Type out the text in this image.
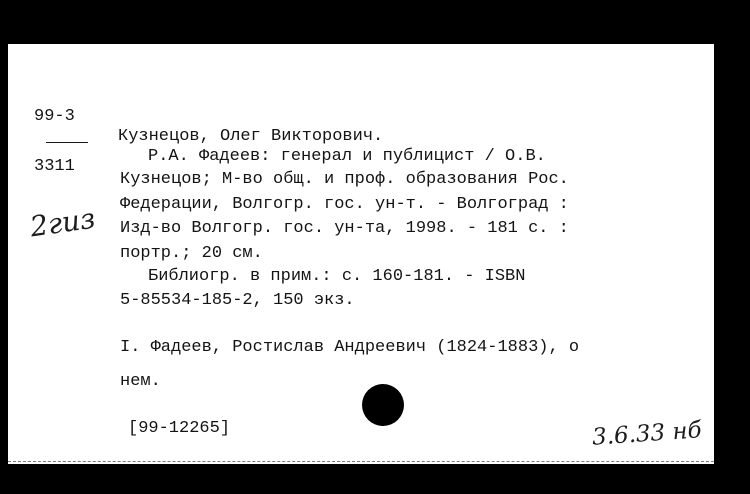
99-3
3311
2гиз
Кузнецов, Олег Викторович.
Р.А. Фадеев: генерал и публицист / О.В.
Кузнецов; М-во общ. и проф. образования Рос.
Федерации, Волгогр. гос. ун-т. - Волгоград :
Изд-во Волгогр. гос. ун-та, 1998. - 181 с. :
портр.; 20 см.
Библиогр. в прим.: с. 160-181. - ISBN
5-85534-185-2, 150 экз.
I. Фадеев, Ростислав Андреевич (1824-1883), о
нем.
[99-12265]	3.6.33 нб
